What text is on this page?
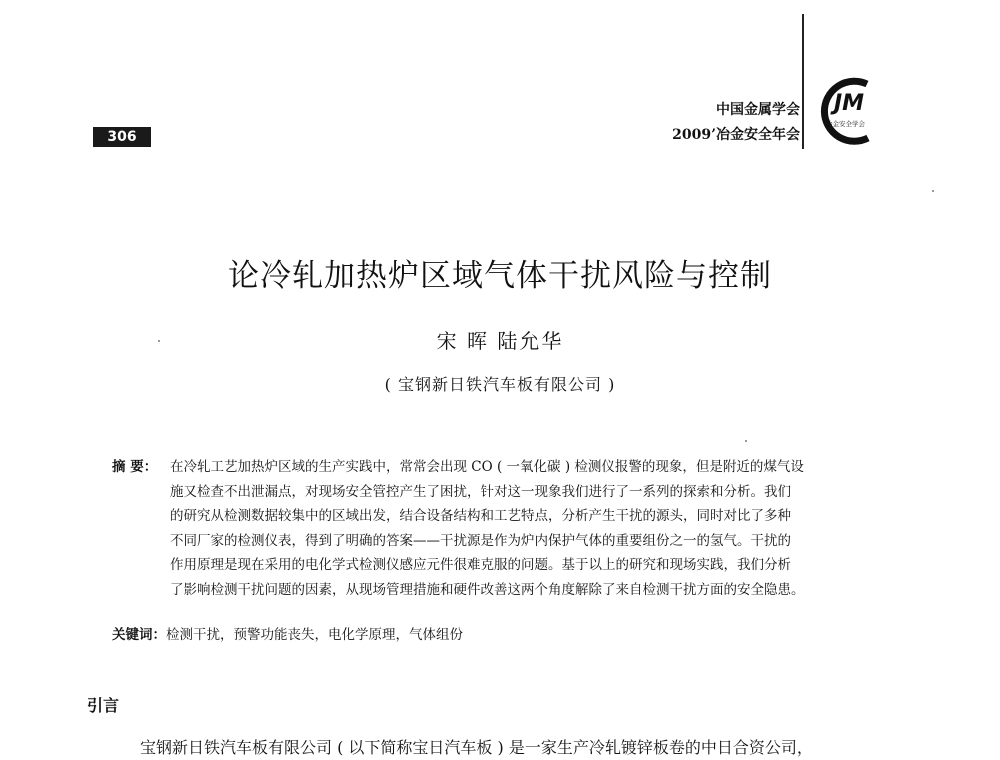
306
中国金属学会
2009’冶金安全年会
JM
冶金安全学会
论冷轧加热炉区域气体干扰风险与控制
宋 晖 陆允华
( 宝钢新日铁汽车板有限公司 )
摘 要： 在冷轧工艺加热炉区域的生产实践中，常常会出现 CO ( 一氧化碳 ) 检测仪报警的现象，但是附近的煤气设
施又检查不出泄漏点，对现场安全管控产生了困扰，针对这一现象我们进行了一系列的探索和分析。我们
的研究从检测数据较集中的区域出发，结合设备结构和工艺特点，分析产生干扰的源头，同时对比了多种
不同厂家的检测仪表，得到了明确的答案——干扰源是作为炉内保护气体的重要组份之一的氢气。干扰的
作用原理是现在采用的电化学式检测仪感应元件很难克服的问题。基于以上的研究和现场实践，我们分析
了影响检测干扰问题的因素，从现场管理措施和硬件改善这两个角度解除了来自检测干扰方面的安全隐患。
关键词：检测干扰，预警功能丧失，电化学原理，气体组份
引言
宝钢新日铁汽车板有限公司 ( 以下简称宝日汽车板 ) 是一家生产冷轧镀锌板卷的中日合资公司，
